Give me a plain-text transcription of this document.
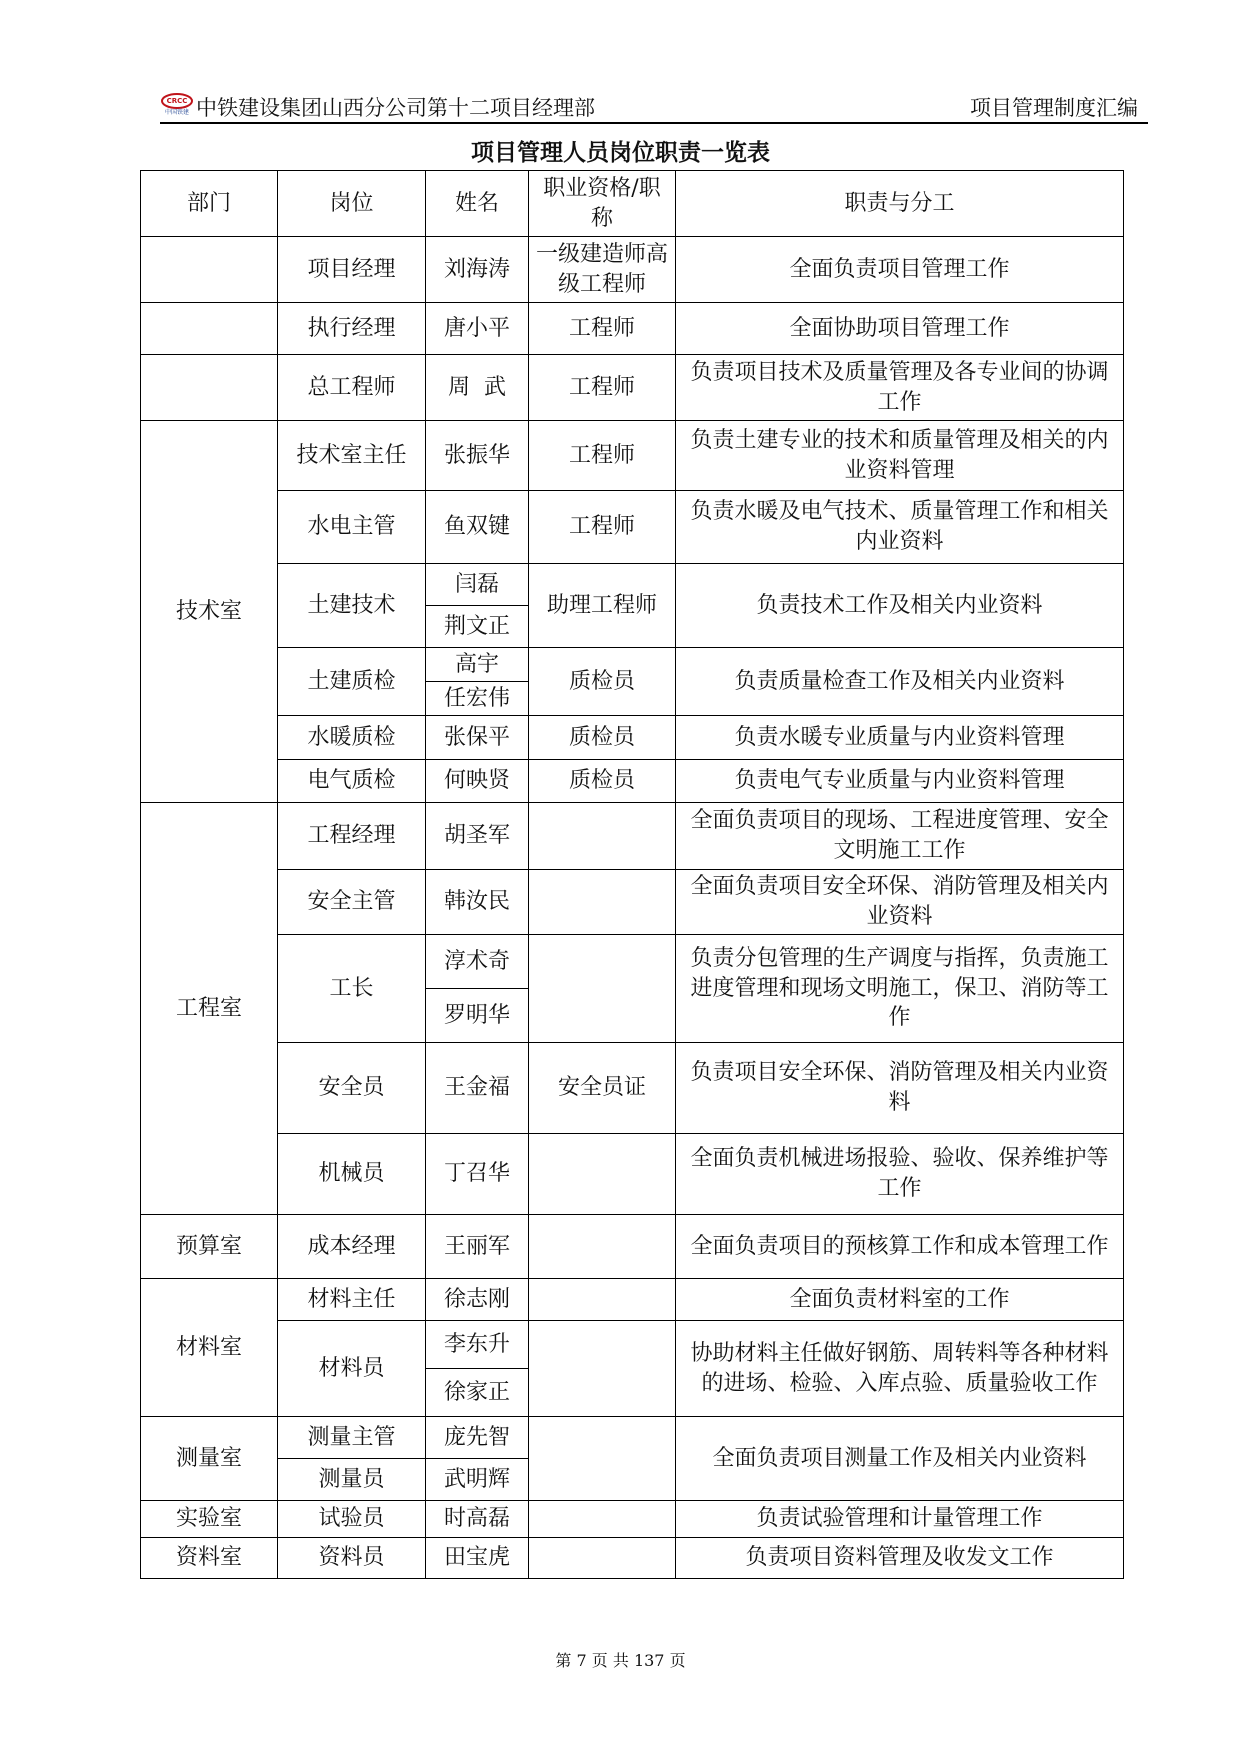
CRCC
中国铁建 中铁建设集团山西分公司第十二项目经理部	项目管理制度汇编
项目管理人员岗位职责一览表
部门	岗位	姓名	职业资格/职称	职责与分工
	项目经理	刘海涛	一级建造师高级工程师	全面负责项目管理工作
	执行经理	唐小平	工程师	全面协助项目管理工作
	总工程师	周  武	工程师	负责项目技术及质量管理及各专业间的协调工作
技术室	技术室主任	张振华	工程师	负责土建专业的技术和质量管理及相关的内业资料管理
	水电主管	鱼双键	工程师	负责水暖及电气技术、质量管理工作和相关内业资料
	土建技术	闫磊	助理工程师	负责技术工作及相关内业资料
		荆文正		
	土建质检	高宇	质检员	负责质量检查工作及相关内业资料
		任宏伟		
	水暖质检	张保平	质检员	负责水暖专业质量与内业资料管理
	电气质检	何映贤	质检员	负责电气专业质量与内业资料管理
工程室	工程经理	胡圣军		全面负责项目的现场、工程进度管理、安全文明施工工作
	安全主管	韩汝民		全面负责项目安全环保、消防管理及相关内业资料
	工长	淳术奇		负责分包管理的生产调度与指挥，负责施工进度管理和现场文明施工，保卫、消防等工作
		罗明华		
	安全员	王金福	安全员证	负责项目安全环保、消防管理及相关内业资料
	机械员	丁召华		全面负责机械进场报验、验收、保养维护等工作
预算室	成本经理	王丽军		全面负责项目的预核算工作和成本管理工作
材料室	材料主任	徐志刚		全面负责材料室的工作
	材料员	李东升		协助材料主任做好钢筋、周转料等各种材料的进场、检验、入库点验、质量验收工作
		徐家正		
测量室	测量主管	庞先智		全面负责项目测量工作及相关内业资料
	测量员	武明辉		
实验室	试验员	时高磊		负责试验管理和计量管理工作
资料室	资料员	田宝虎		负责项目资料管理及收发文工作
第 7 页 共 137 页
